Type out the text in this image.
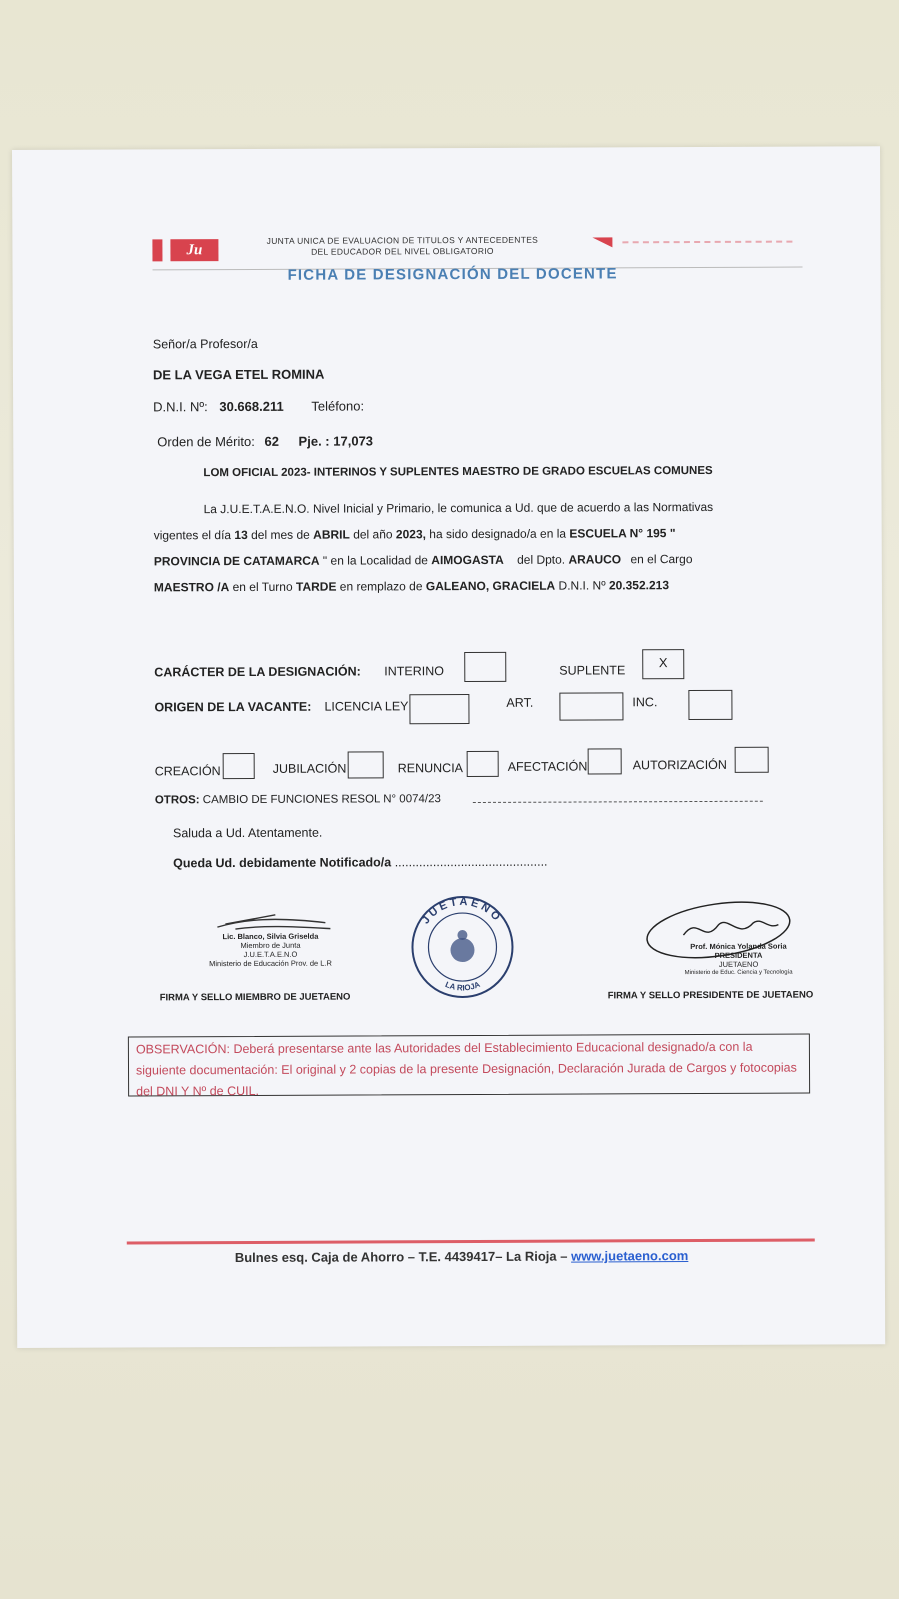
Ju
JUNTA UNICA DE EVALUACION DE TITULOS Y ANTECEDENTES
DEL EDUCADOR DEL NIVEL OBLIGATORIO
FICHA DE DESIGNACIÓN DEL DOCENTE
Señor/a Profesor/a
DE LA VEGA ETEL ROMINA
D.N.I. Nº: 30.668.211 Teléfono:
Orden de Mérito: 62 Pje. : 17,073
LOM OFICIAL 2023- INTERINOS Y SUPLENTES MAESTRO DE GRADO ESCUELAS COMUNES
La J.U.E.T.A.E.N.O. Nivel Inicial y Primario, le comunica a Ud. que de acuerdo a las Normativas
vigentes el día 13 del mes de ABRIL del año 2023, ha sido designado/a en la ESCUELA N° 195 "
PROVINCIA DE CATAMARCA " en la Localidad de AIMOGASTA del Dpto. ARAUCO en el Cargo
MAESTRO /A en el Turno TARDE en remplazo de GALEANO, GRACIELA D.N.I. Nº 20.352.213
CARÁCTER DE LA DESIGNACIÓN: INTERINO	SUPLENTE
X
ORIGEN DE LA VACANTE: LICENCIA LEY	ART.	INC.
CREACIÓN	JUBILACIÓN	RENUNCIA	AFECTACIÓN	AUTORIZACIÓN
OTROS: CAMBIO DE FUNCIONES RESOL N° 0074/23
Saluda a Ud. Atentamente.
Queda Ud. debidamente Notificado/a ............................................
Lic. Blanco, Silvia Griselda
Miembro de Junta
J.U.E.T.A.E.N.O
Ministerio de Educación Prov. de L.R
FIRMA Y SELLO MIEMBRO DE JUETAENO
JUETAENO
LA RIOJA
Prof. Mónica Yolanda Soria
PRESIDENTA
JUETAENO
Ministerio de Educ. Ciencia y Tecnología
FIRMA Y SELLO PRESIDENTE DE JUETAENO
OBSERVACIÓN: Deberá presentarse ante las Autoridades del Establecimiento Educacional designado/a con la siguiente documentación: El original y 2 copias de la presente Designación, Declaración Jurada de Cargos y fotocopias del DNI Y Nº de CUIL.
Bulnes esq. Caja de Ahorro – T.E. 4439417– La Rioja – www.juetaeno.com
